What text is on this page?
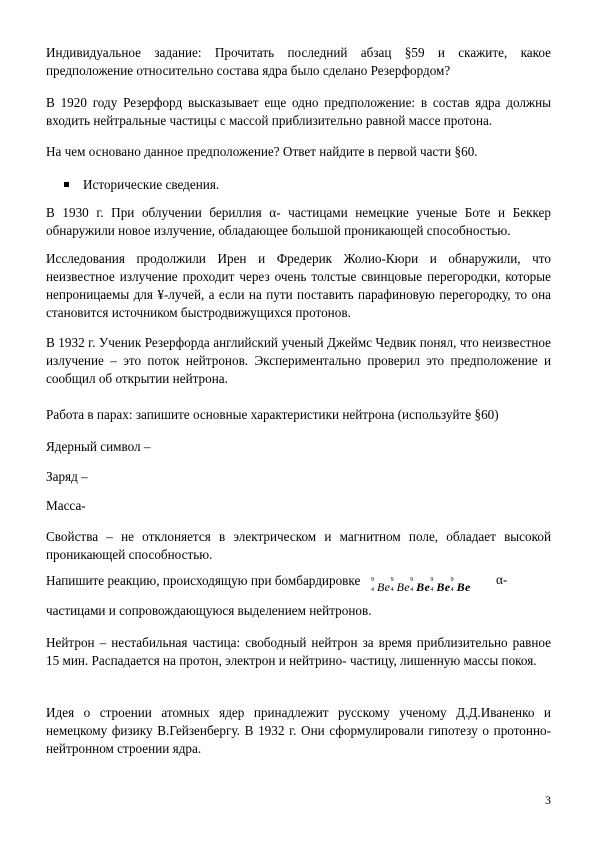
Индивидуальное задание: Прочитать последний абзац §59 и скажите, какое

предположение относительно состава ядра было сделано Резерфордом?

В 1920 году Резерфорд высказывает еще одно предположение: в состав ядра должны входить нейтральные частицы с массой приблизительно равной массе протона.

На чем основано данное предположение? Ответ найдите в первой части §60.

Исторические сведения.

В 1930 г. При облучении бериллия α- частицами немецкие ученые Боте и Беккер обнаружили новое излучение, обладающее большой проникающей способностью.

Исследования продолжили Ирен и Фредерик Жолио-Кюри и обнаружили, что неизвестное излучение проходит через очень толстые свинцовые перегородки, которые непроницаемы для ¥-лучей, а если на пути поставить парафиновую перегородку, то она становится источником быстродвижущихся протонов.

В 1932 г. Ученик Резерфорда английский ученый Джеймс Чедвик понял, что неизвестное излучение – это поток нейтронов. Экспериментально проверил это предположение и сообщил об открытии нейтрона.

Работа в парах: запишите основные характеристики нейтрона (используйте §60)

Ядерный символ –

Заряд –

Масса-

Свойства – не отклоняется в электрическом и магнитном поле, обладает высокой проникающей способностью.

Напишите реакцию, происходящую при бомбардировке	9
4 Be 9
4 Be 9
4 Be 9
4 Be 9
4 Be α-

частицами и сопровождающуюся выделением нейтронов.

Нейтрон – нестабильная частица: свободный нейтрон за время приблизительно равное 15 мин. Распадается на протон, электрон и нейтрино- частицу, лишенную массы покоя.

Идея о строении атомных ядер принадлежит русскому ученому Д.Д.Иваненко и немецкому физику В.Гейзенбергу. В 1932 г. Они сформулировали гипотезу о протонно-нейтронном строении ядра.

3
